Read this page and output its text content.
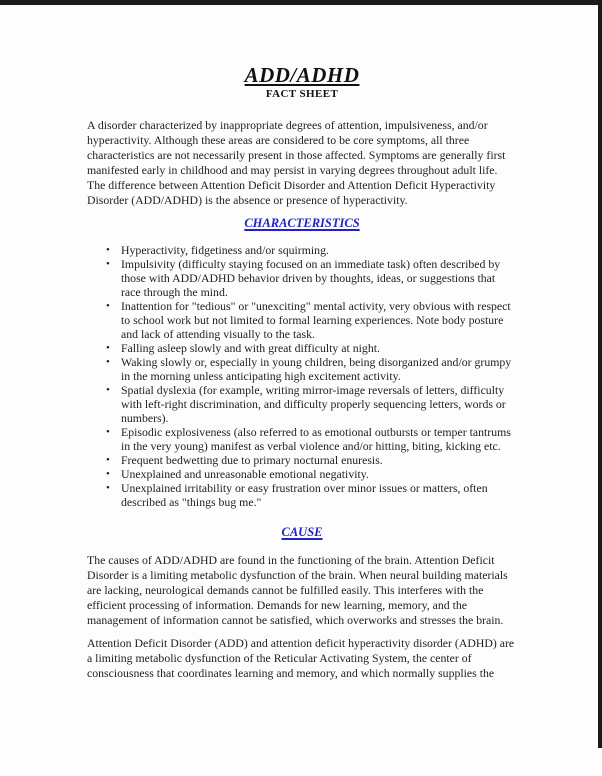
ADD/ADHD
FACT SHEET

A disorder characterized by inappropriate degrees of attention, impulsiveness, and/or hyperactivity. Although these areas are considered to be core symptoms, all three characteristics are not necessarily present in those affected. Symptoms are generally first manifested early in childhood and may persist in varying degrees throughout adult life. The difference between Attention Deficit Disorder and Attention Deficit Hyperactivity Disorder (ADD/ADHD) is the absence or presence of hyperactivity.

CHARACTERISTICS
• Hyperactivity, fidgetiness and/or squirming.
• Impulsivity (difficulty staying focused on an immediate task) often described by those with ADD/ADHD behavior driven by thoughts, ideas, or suggestions that race through the mind.
• Inattention for "tedious" or "unexciting" mental activity, very obvious with respect to school work but not limited to formal learning experiences. Note body posture and lack of attending visually to the task.
• Falling asleep slowly and with great difficulty at night.
• Waking slowly or, especially in young children, being disorganized and/or grumpy in the morning unless anticipating high excitement activity.
• Spatial dyslexia (for example, writing mirror-image reversals of letters, difficulty with left-right discrimination, and difficulty properly sequencing letters, words or numbers).
• Episodic explosiveness (also referred to as emotional outbursts or temper tantrums in the very young) manifest as verbal violence and/or hitting, biting, kicking etc.
• Frequent bedwetting due to primary nocturnal enuresis.
• Unexplained and unreasonable emotional negativity.
• Unexplained irritability or easy frustration over minor issues or matters, often described as "things bug me."
CAUSE

The causes of ADD/ADHD are found in the functioning of the brain. Attention Deficit Disorder is a limiting metabolic dysfunction of the brain. When neural building materials are lacking, neurological demands cannot be fulfilled easily. This interferes with the efficient processing of information. Demands for new learning, memory, and the management of information cannot be satisfied, which overworks and stresses the brain.

Attention Deficit Disorder (ADD) and attention deficit hyperactivity disorder (ADHD) are a limiting metabolic dysfunction of the Reticular Activating System, the center of consciousness that coordinates learning and memory, and which normally supplies the
